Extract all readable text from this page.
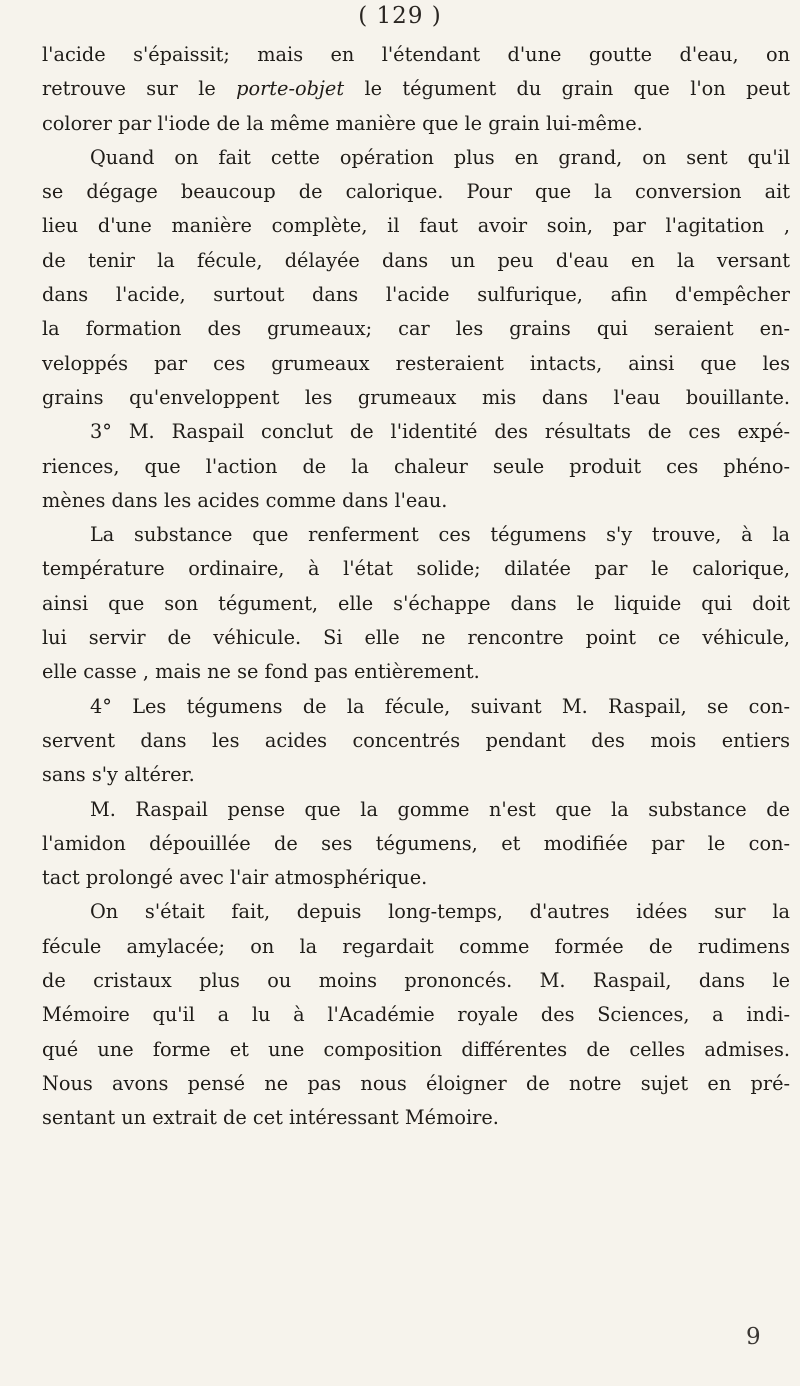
( 129 )
l'acide s'épaissit; mais en l'étendant d'une goutte d'eau, on
retrouve sur le porte-objet le tégument du grain que l'on peut
colorer par l'iode de la même manière que le grain lui-même.
Quand on fait cette opération plus en grand, on sent qu'il
se dégage beaucoup de calorique. Pour que la conversion ait
lieu d'une manière complète, il faut avoir soin, par l'agitation ,
de tenir la fécule, délayée dans un peu d'eau en la versant
dans l'acide, surtout dans l'acide sulfurique, afin d'empêcher
la formation des grumeaux; car les grains qui seraient en-
veloppés par ces grumeaux resteraient intacts, ainsi que les
grains qu'enveloppent les grumeaux mis dans l'eau bouillante.
3° M. Raspail conclut de l'identité des résultats de ces expé-
riences, que l'action de la chaleur seule produit ces phéno-
mènes dans les acides comme dans l'eau.
La substance que renferment ces tégumens s'y trouve, à la
température ordinaire, à l'état solide; dilatée par le calorique,
ainsi que son tégument, elle s'échappe dans le liquide qui doit
lui servir de véhicule. Si elle ne rencontre point ce véhicule,
elle casse , mais ne se fond pas entièrement.
4° Les tégumens de la fécule, suivant M. Raspail, se con-
servent dans les acides concentrés pendant des mois entiers
sans s'y altérer.
M. Raspail pense que la gomme n'est que la substance de
l'amidon dépouillée de ses tégumens, et modifiée par le con-
tact prolongé avec l'air atmosphérique.
On s'était fait, depuis long-temps, d'autres idées sur la
fécule amylacée; on la regardait comme formée de rudimens
de cristaux plus ou moins prononcés. M. Raspail, dans le
Mémoire qu'il a lu à l'Académie royale des Sciences, a indi-
qué une forme et une composition différentes de celles admises.
Nous avons pensé ne pas nous éloigner de notre sujet en pré-
sentant un extrait de cet intéressant Mémoire.
9
